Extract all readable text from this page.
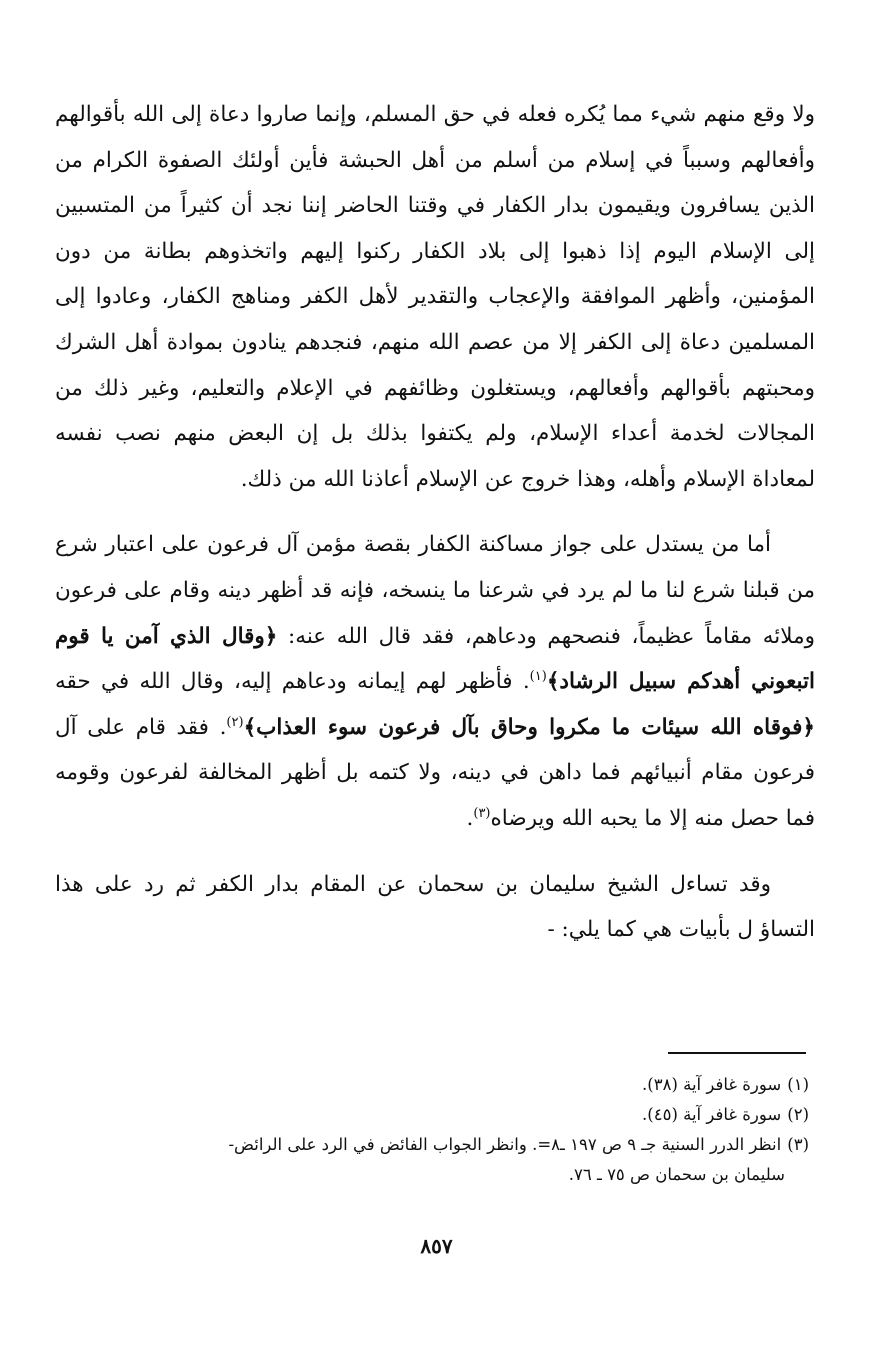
ولا وقع منهم شيء مما يُكره فعله في حق المسلم، وإنما صاروا دعاة إلى الله بأقوالهم وأفعالهم وسبباً في إسلام من أسلم من أهل الحبشة فأين أولئك الصفوة الكرام من الذين يسافرون ويقيمون بدار الكفار في وقتنا الحاضر إننا نجد أن كثيراً من المتسبين إلى الإسلام اليوم إذا ذهبوا إلى بلاد الكفار ركنوا إليهم واتخذوهم بطانة من دون المؤمنين، وأظهر الموافقة والإعجاب والتقدير لأهل الكفر ومناهج الكفار، وعادوا إلى المسلمين دعاة إلى الكفر إلا من عصم الله منهم، فنجدهم ينادون بموادة أهل الشرك ومحبتهم بأقوالهم وأفعالهم، ويستغلون وظائفهم في الإعلام والتعليم، وغير ذلك من المجالات لخدمة أعداء الإسلام، ولم يكتفوا بذلك بل إن البعض منهم نصب نفسه لمعاداة الإسلام وأهله، وهذا خروج عن الإسلام أعاذنا الله من ذلك.

أما من يستدل على جواز مساكنة الكفار بقصة مؤمن آل فرعون على اعتبار شرع من قبلنا شرع لنا ما لم يرد في شرعنا ما ينسخه، فإنه قد أظهر دينه وقام على فرعون وملائه مقاماً عظيماً، فنصحهم ودعاهم، فقد قال الله عنه: ﴿وقال الذي آمن يا قوم اتبعوني أهدكم سبيل الرشاد﴾$^{(١)}$. فأظهر لهم إيمانه ودعاهم إليه، وقال الله في حقه ﴿فوقاه الله سيئات ما مكروا وحاق بآل فرعون سوء العذاب﴾$^{(٢)}$. فقد قام على آل فرعون مقام أنبيائهم فما داهن في دينه، ولا كتمه بل أظهر المخالفة لفرعون وقومه فما حصل منه إلا ما يحبه الله ويرضاه$^{(٣)}$.

وقد تساءل الشيخ سليمان بن سحمان عن المقام بدار الكفر ثم رد على هذا التساؤ ل بأبيات هي كما يلي: -

(١)سورة غافر آية (٣٨).

(٢)سورة غافر آية (٤٥).

(٣)انظر الدرر السنية جـ ٩ ص ١٩٧ ـ٨=. وانظر الجواب الفائض في الرد على الرائض-

سليمان بن سحمان ص ٧٥ ـ ٧٦.

٨٥٧
